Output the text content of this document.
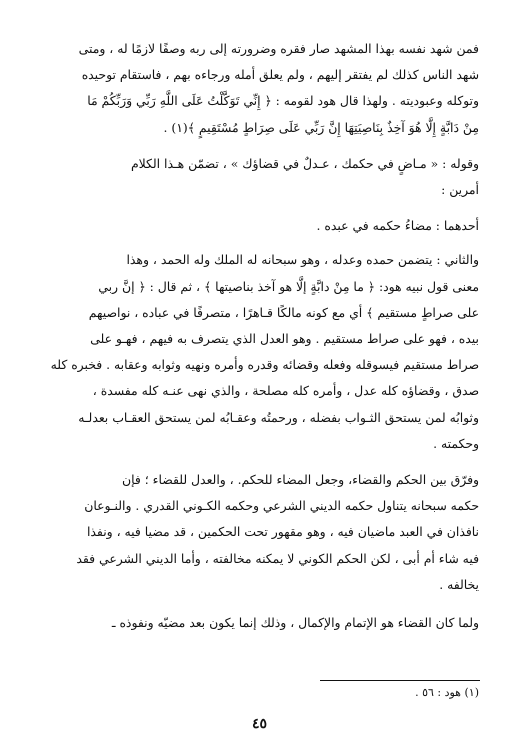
فمن شهد نفسه بهذا المشهد صار فقره وضرورته إلى ربه وصفًا لازمًا له ، ومتى
شهد الناس كذلك لم يفتقر إليهم ، ولم يعلق أمله ورجاءه بهم ، فاستقام توحيده
وتوكله وعبوديته . ولهذا قال هود لقومه : ﴿ إِنِّي تَوَكَّلْتُ عَلَى اللَّهِ رَبِّي وَرَبِّكُمْ مَا
مِنْ دَابَّةٍ إِلَّا هُوَ آخِذٌ بِنَاصِيَتِهَا إِنَّ رَبِّي عَلَى صِرَاطٍ مُسْتَقِيمٍ ﴾(١) .
وقوله : « مـاضٍ في حكمك ، عـدلٌ في قضاؤك » ، تضمّن هـذا الكلام
أمرين :
أحدهما : مضاءُ حكمه في عبده .
والثاني : يتضمن حمده وعدله ، وهو سبحانه له الملك وله الحمد ، وهذا
معنى قول نبيه هود: ﴿ ما مِنْ دابَّةٍ إلَّا هو آخذ بناصيتها ﴾ ، ثم قال : ﴿ إنَّ ربي
على صراطٍ مستقيم ﴾ أي مع كونه مالكًا قـاهرًا ، متصرفًا في عباده ، نواصيهم
بيده ، فهو على صراط مستقيم . وهو العدل الذي يتصرف به فيهم ، فهـو على
صراط مستقيم فيسوقله وفعله وقضائه وقدره وأمره ونهيه وثوابه وعقابه . فخبره كله
صدق ، وقضاؤه كله عدل ، وأمره كله مصلحة ، والذي نهى عنـه كله مفسدة ،
وثوابُه لمن يستحق الثـواب بفضله ، ورحمتُه وعقـابُه لمن يستحق العقـاب بعدلـه
وحكمته .
وفرّق بين الحكم والقضاء، وجعل المضاء للحكم. ، والعدل للقضاء ؛ فإن
حكمه سبحانه يتناول حكمه الديني الشرعي وحكمه الكـوني القدري . والنـوعان
نافذان في العبد ماضيان فيه ، وهو مقهور تحت الحكمين ، قد مضيا فيه ، ونفذا
فيه شاء أم أبى ، لكن الحكم الكوني لا يمكنه مخالفته ، وأما الديني الشرعي فقد
يخالفه .
ولما كان القضاء هو الإتمام والإكمال ، وذلك إنما يكون بعد مضيّه ونفوذه ـ
(١) هود : ٥٦ .
٤٥
